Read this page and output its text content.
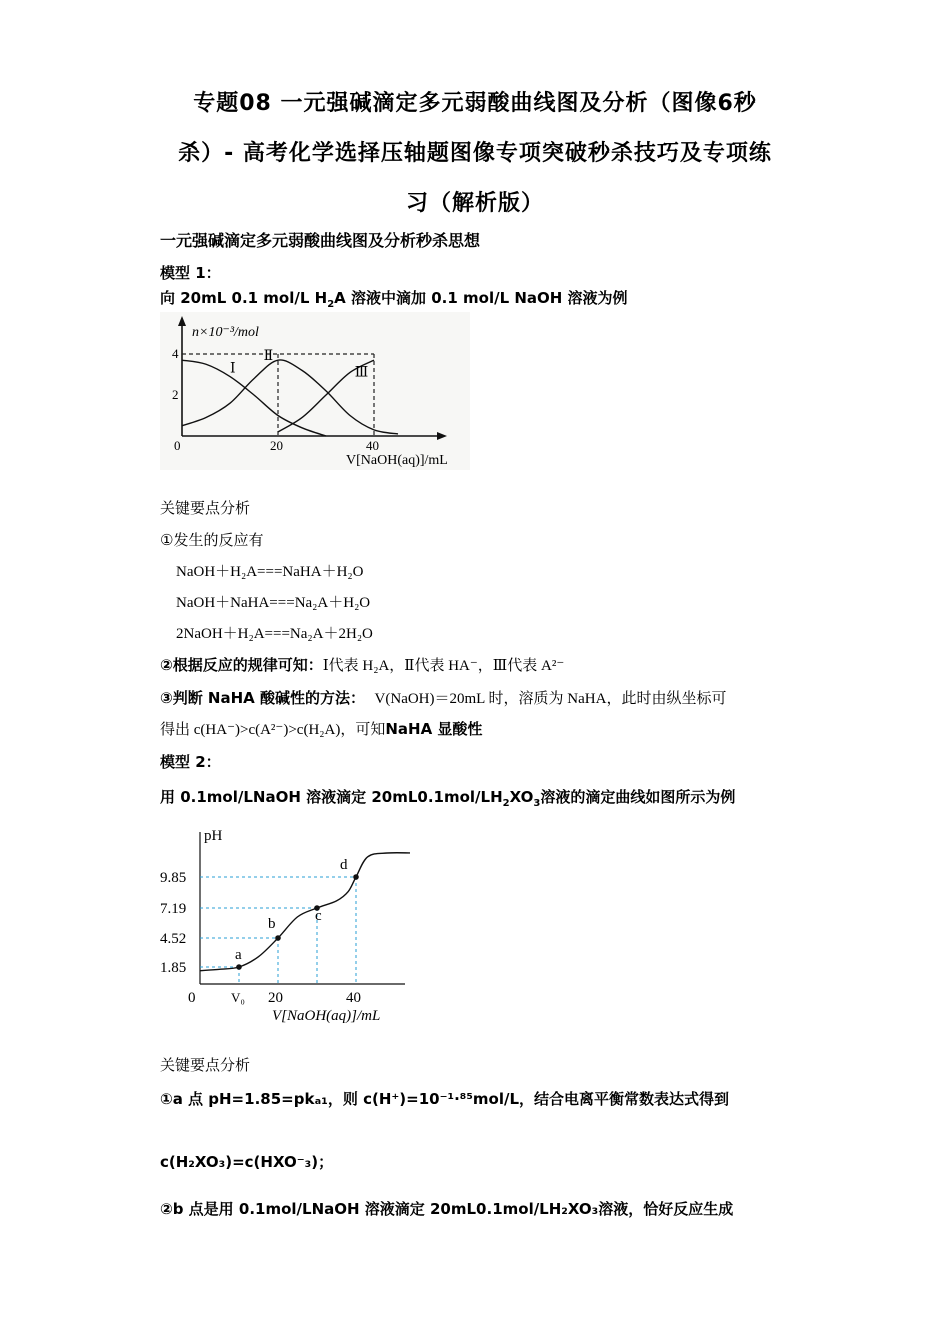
专题08 一元强碱滴定多元弱酸曲线图及分析（图像6秒
杀）- 高考化学选择压轴题图像专项突破秒杀技巧及专项练
习（解析版）
一元强碱滴定多元弱酸曲线图及分析秒杀思想
模型 1：
向 20mL 0.1 mol/L $H_2A$ 溶液中滴加 0.1 mol/L NaOH 溶液为例
n×10⁻³/mol
V[NaOH(aq)]/mL
0	20	40
2
4
Ⅰ
Ⅱ
Ⅲ
关键要点分析
①发生的反应有
NaOH＋H₂A===NaHA＋H₂O
NaOH＋NaHA===Na₂A＋H₂O
2NaOH＋H₂A===Na₂A＋2H₂O
②根据反应的规律可知：Ⅰ代表 H₂A，Ⅱ代表 HA⁻，Ⅲ代表 A²⁻
③判断 NaHA 酸碱性的方法： V(NaOH)＝20mL 时，溶质为 NaHA，此时由纵坐标可
得出 c(HA⁻)>c(A²⁻)>c(H₂A)，可知NaHA 显酸性
模型 2：
用 0.1mol/LNaOH 溶液滴定 $20mL0.1mol/LH_2XO_3$溶液的滴定曲线如图所示为例
pH
V[NaOH(aq)]/mL
1.85
4.52
7.19
9.85
0	V₀ 20	40
a
b	c
d
关键要点分析
①a 点 pH=1.85=pkₐ₁，则 c(H⁺)=10⁻¹·⁸⁵mol/L，结合电离平衡常数表达式得到
c(H₂XO₃)=c(HXO⁻₃)；
②b 点是用 0.1mol/LNaOH 溶液滴定 20mL0.1mol/LH₂XO₃溶液，恰好反应生成
